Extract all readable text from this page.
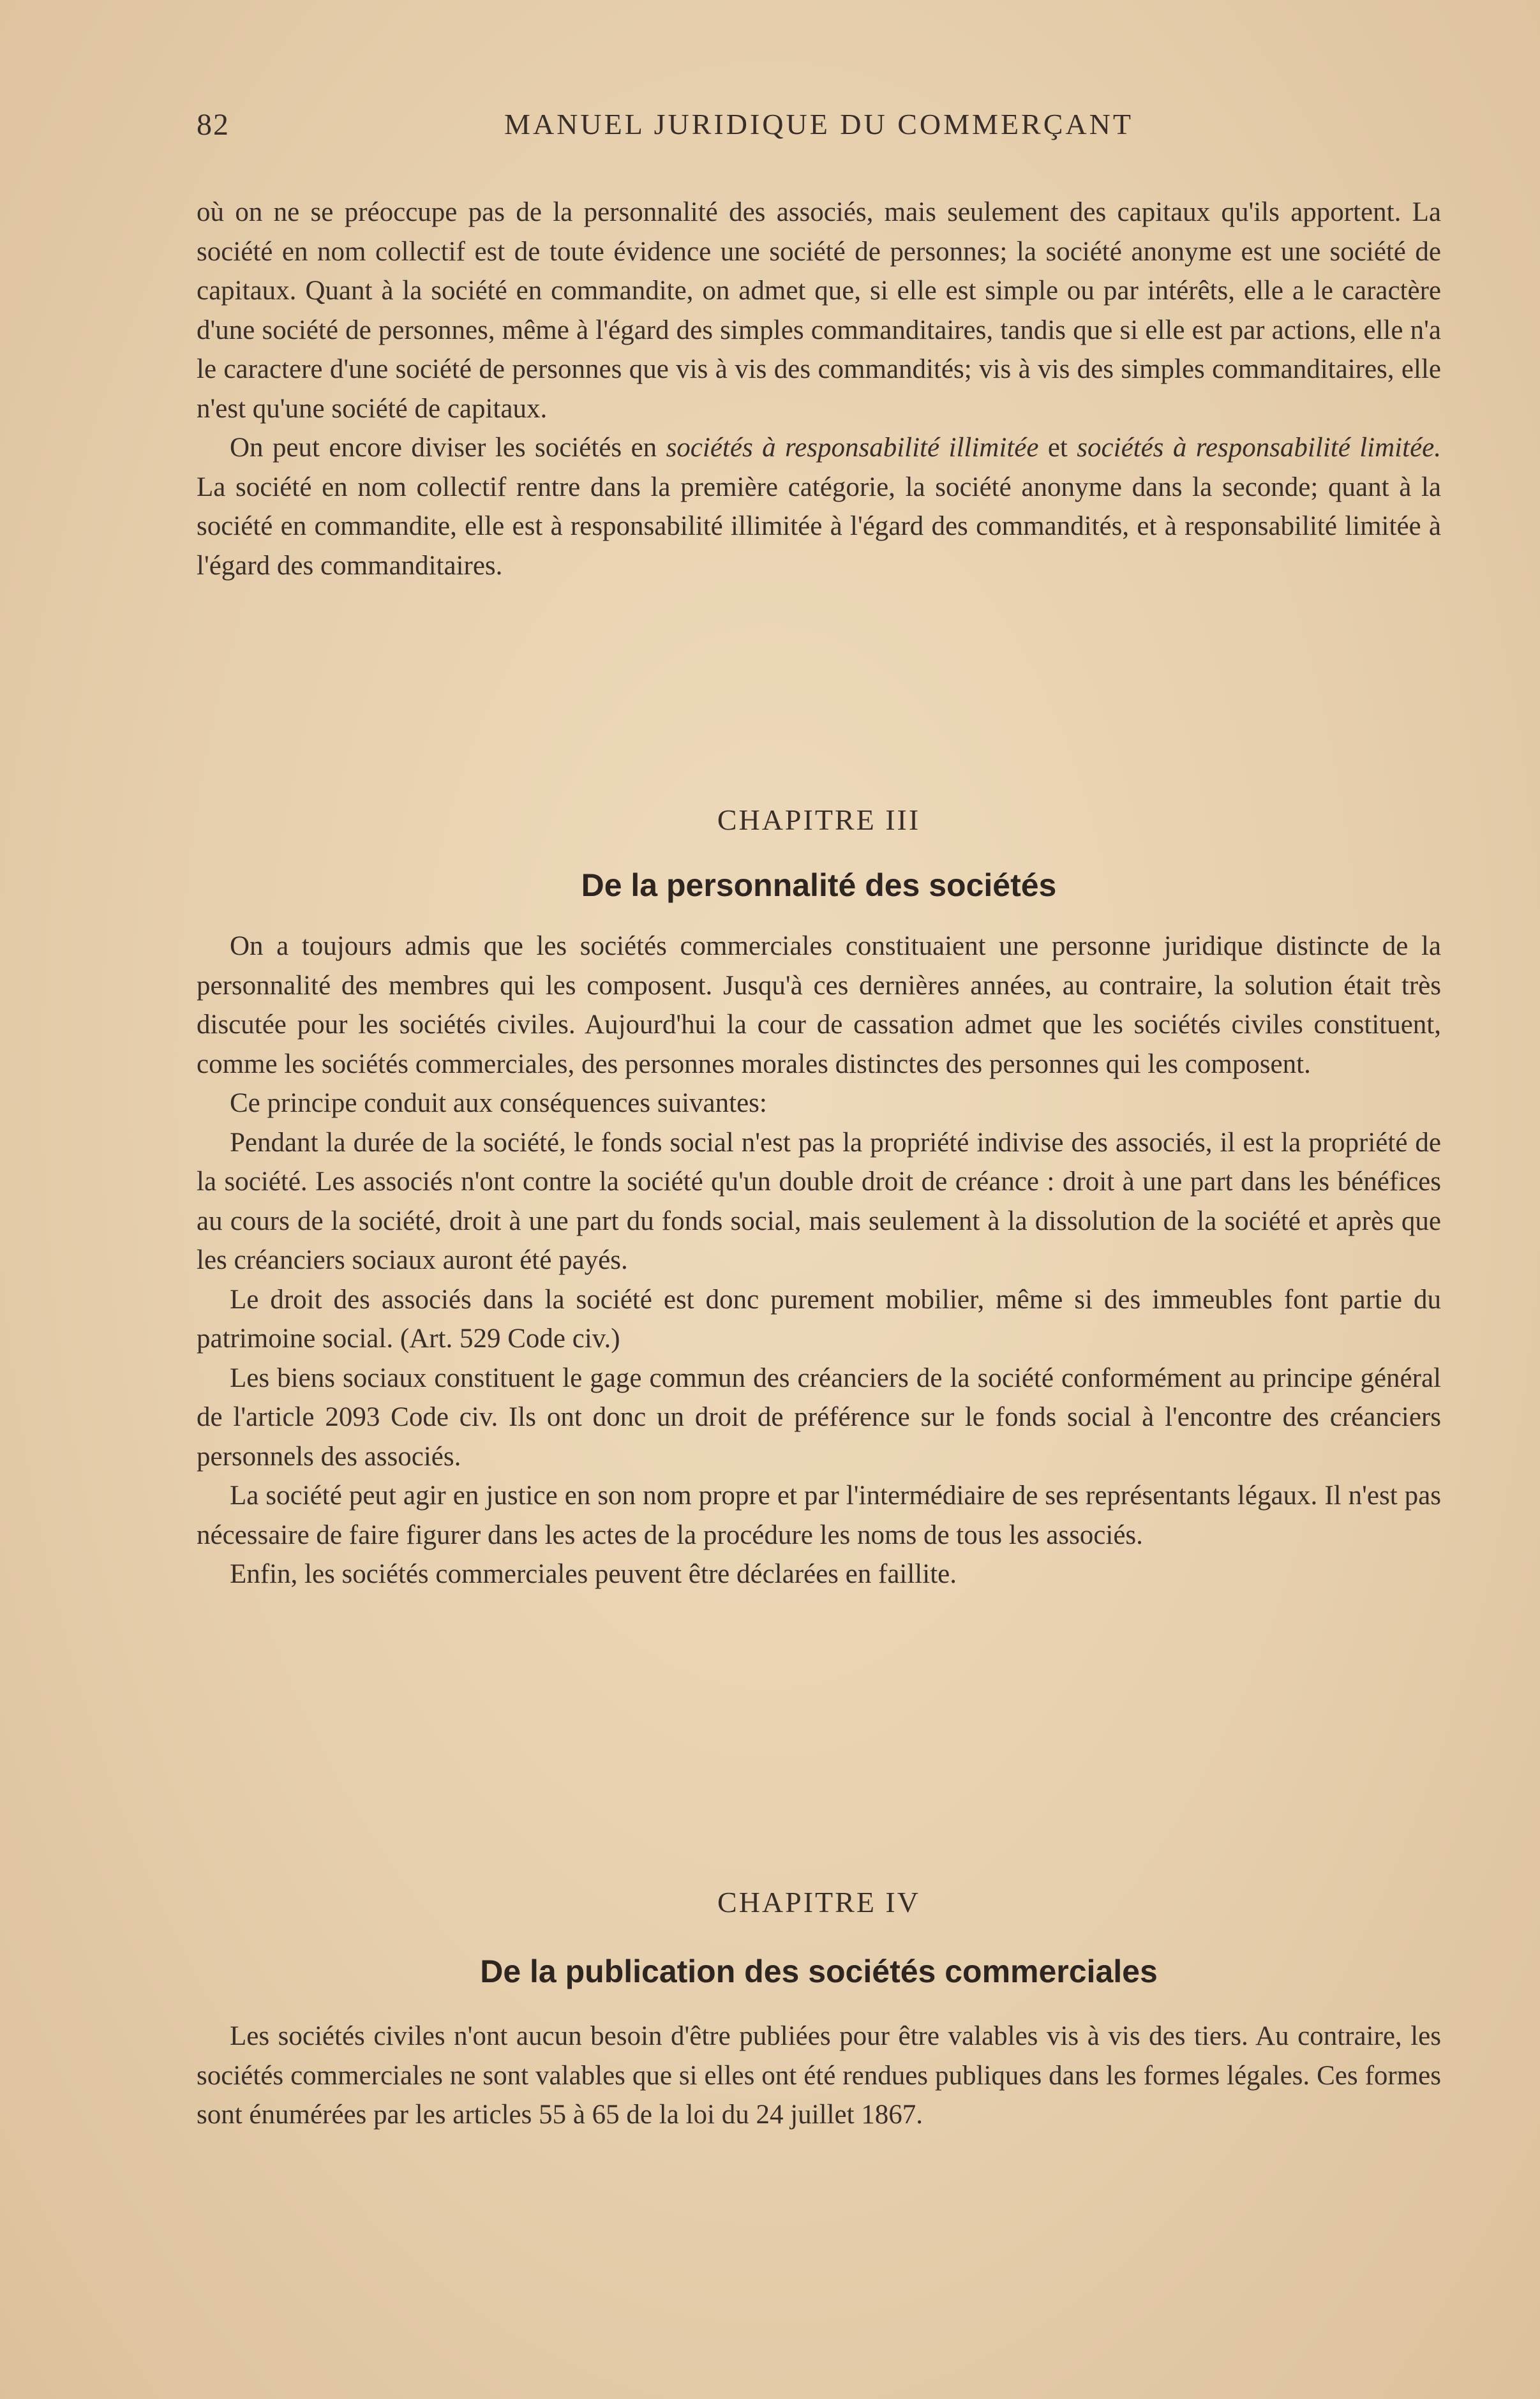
82	MANUEL JURIDIQUE DU COMMERÇANT

où on ne se préoccupe pas de la personnalité des associés, mais seulement des capitaux qu'ils apportent. La société en nom collectif est de toute évidence une société de personnes; la société anonyme est une société de capitaux. Quant à la société en commandite, on admet que, si elle est simple ou par intérêts, elle a le caractère d'une société de personnes, même à l'égard des simples commanditaires, tandis que si elle est par actions, elle n'a le caractere d'une société de personnes que vis à vis des commandités; vis à vis des simples commanditaires, elle n'est qu'une société de capitaux.

On peut encore diviser les sociétés en sociétés à responsabilité illimitée et sociétés à responsabilité limitée. La société en nom collectif rentre dans la première catégorie, la société anonyme dans la seconde; quant à la société en commandite, elle est à responsabilité illimitée à l'égard des commandités, et à responsabilité limitée à l'égard des commanditaires.

CHAPITRE III
De la personnalité des sociétés

On a toujours admis que les sociétés commerciales constituaient une personne juridique distincte de la personnalité des membres qui les composent. Jusqu'à ces dernières années, au contraire, la solution était très discutée pour les sociétés civiles. Aujourd'hui la cour de cassation admet que les sociétés civiles constituent, comme les sociétés commerciales, des personnes morales distinctes des personnes qui les composent.

Ce principe conduit aux conséquences suivantes:

Pendant la durée de la société, le fonds social n'est pas la propriété indivise des associés, il est la propriété de la société. Les associés n'ont contre la société qu'un double droit de créance : droit à une part dans les bénéfices au cours de la société, droit à une part du fonds social, mais seulement à la dissolution de la société et après que les créanciers sociaux auront été payés.

Le droit des associés dans la société est donc purement mobilier, même si des immeubles font partie du patrimoine social. (Art. 529 Code civ.)

Les biens sociaux constituent le gage commun des créanciers de la société conformément au principe général de l'article 2093 Code civ. Ils ont donc un droit de préférence sur le fonds social à l'encontre des créanciers personnels des associés.

La société peut agir en justice en son nom propre et par l'intermédiaire de ses représentants légaux. Il n'est pas nécessaire de faire figurer dans les actes de la procédure les noms de tous les associés.

Enfin, les sociétés commerciales peuvent être déclarées en faillite.

CHAPITRE IV
De la publication des sociétés commerciales

Les sociétés civiles n'ont aucun besoin d'être publiées pour être valables vis à vis des tiers. Au contraire, les sociétés commerciales ne sont valables que si elles ont été rendues publiques dans les formes légales. Ces formes sont énumérées par les articles 55 à 65 de la loi du 24 juillet 1867.
